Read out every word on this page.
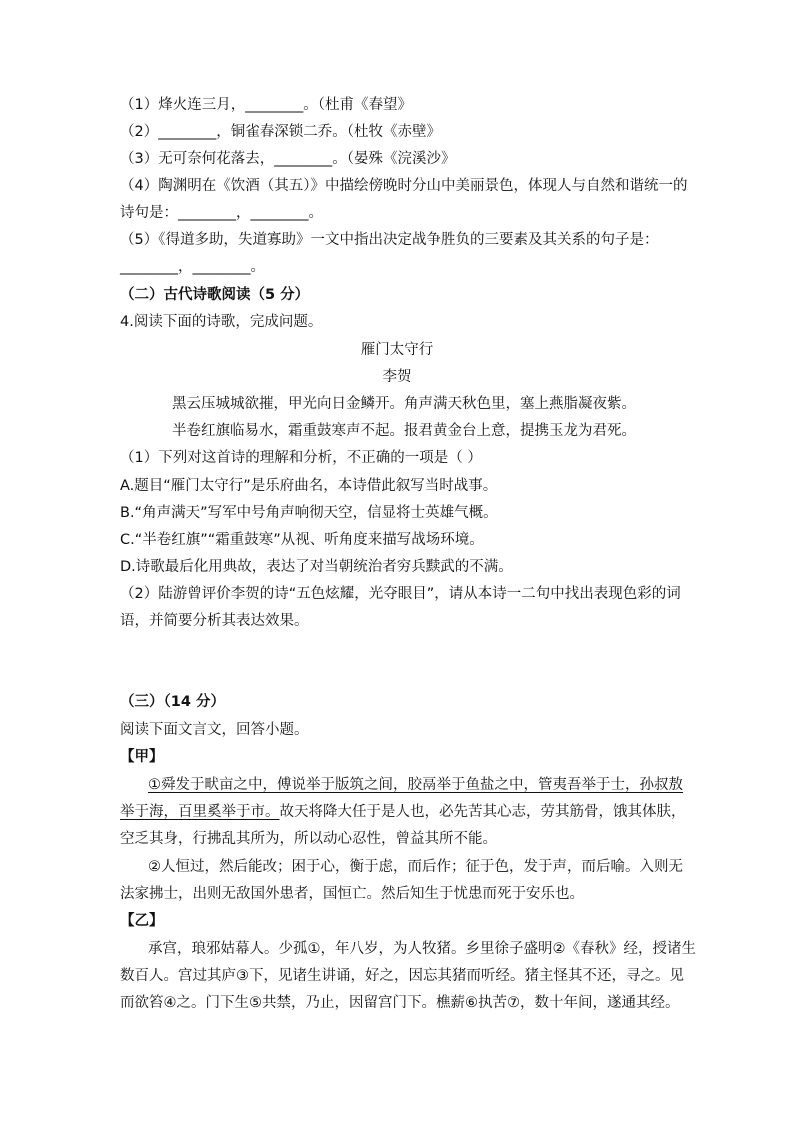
（1）烽火连三月，________。（杜甫《春望》
（2）________，铜雀春深锁二乔。（杜牧《赤壁》
（3）无可奈何花落去，________。（晏殊《浣溪沙》
（4）陶渊明在《饮酒（其五）》中描绘傍晚时分山中美丽景色，体现人与自然和谐统一的
诗句是：________，________。
（5）《得道多助，失道寡助》一文中指出决定战争胜负的三要素及其关系的句子是：
________，________。
（二）古代诗歌阅读（5 分）
4.阅读下面的诗歌，完成问题。
雁门太守行
李贺
黑云压城城欲摧，甲光向日金鳞开。角声满天秋色里，塞上燕脂凝夜紫。
半卷红旗临易水，霜重鼓寒声不起。报君黄金台上意，提携玉龙为君死。
（1）下列对这首诗的理解和分析，不正确的一项是（ ）
A.题目“雁门太守行”是乐府曲名，本诗借此叙写当时战事。
B.“角声满天”写军中号角声响彻天空，信显将士英雄气概。
C.“半卷红旗”“霜重鼓寒”从视、听角度来描写战场环境。
D.诗歌最后化用典故，表达了对当朝统治者穷兵黩武的不满。
（2）陆游曾评价李贺的诗“五色炫耀，光夺眼目”，请从本诗一二句中找出表现色彩的词
语，并简要分析其表达效果。
（三）（14 分）
阅读下面文言文，回答小题。
【甲】
①舜发于畎亩之中，傅说举于版筑之间，胶鬲举于鱼盐之中，管夷吾举于士，孙叔敖
举于海，百里奚举于市。故天将降大任于是人也，必先苦其心志，劳其筋骨，饿其体肤，
空乏其身，行拂乱其所为，所以动心忍性，曾益其所不能。
②人恒过，然后能改；困于心，衡于虑，而后作；征于色，发于声，而后喻。入则无
法家拂士，出则无敌国外患者，国恒亡。然后知生于忧患而死于安乐也。
【乙】
承宫，琅邪姑幕人。少孤①，年八岁，为人牧猪。乡里徐子盛明②《春秋》经，授诸生
数百人。宫过其庐③下，见诸生讲诵，好之，因忘其猪而听经。猪主怪其不还，寻之。见
而欲笞④之。门下生⑤共禁，乃止，因留宫门下。樵薪⑥执苦⑦，数十年间，遂通其经。
